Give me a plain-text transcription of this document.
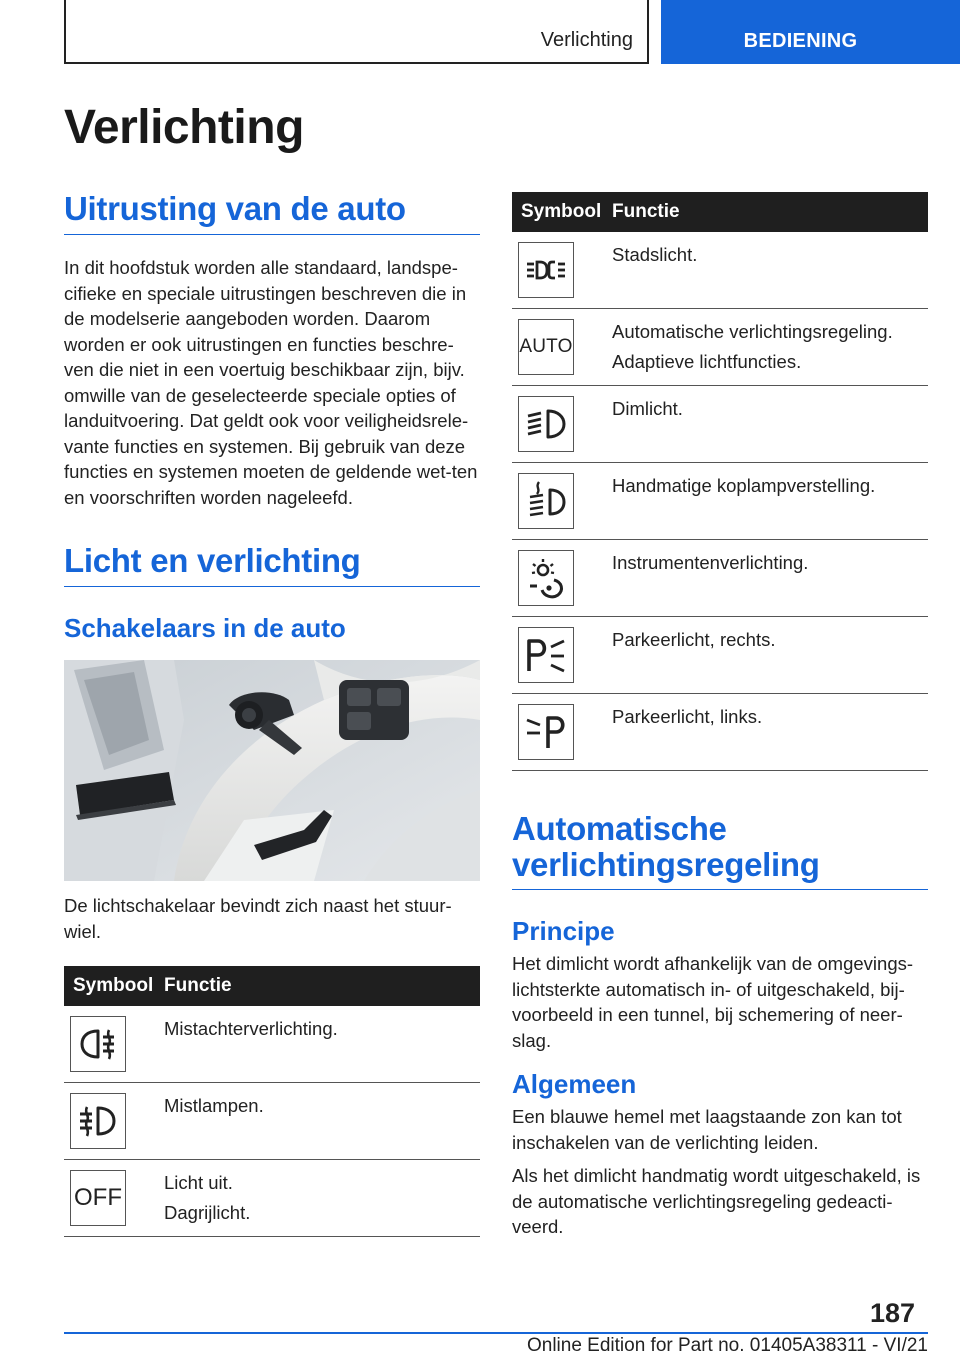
Verlichting	BEDIENING
Verlichting
Uitrusting van de auto

In dit hoofdstuk worden alle standaard, landspe-cifieke en speciale uitrustingen beschreven die in de modelserie aangeboden worden. Daarom worden er ook uitrustingen en functies beschre-ven die niet in een voertuig beschikbaar zijn, bijv. omwille van de geselecteerde speciale opties of landuitvoering. Dat geldt ook voor veiligheidsrele-vante functies en systemen. Bij gebruik van deze functies en systemen moeten de geldende wet-ten en voorschriften worden nageleefd.

Licht en verlichting
Schakelaars in de auto

De lichtschakelaar bevindt zich naast het stuur-wiel.

Symbool	Functie

Mistachterverlichting.

Mistlampen.

OFF	Licht uit.
Dagrijlicht.
Symbool	Functie

Stadslicht.

AUTO	Automatische verlichtingsregeling.
Adaptieve lichtfuncties.

Dimlicht.

Handmatige koplampverstelling.

Instrumentenverlichting.

Parkeerlicht, rechts.

Parkeerlicht, links.
Automatische verlichtingsregeling
Principe

Het dimlicht wordt afhankelijk van de omgevings-lichtsterkte automatisch in- of uitgeschakeld, bij-voorbeeld in een tunnel, bij schemering of neer-slag.

Algemeen

Een blauwe hemel met laagstaande zon kan tot inschakelen van de verlichting leiden.

Als het dimlicht handmatig wordt uitgeschakeld, is de automatische verlichtingsregeling gedeacti-veerd.

187
Online Edition for Part no. 01405A38311 - VI/21
